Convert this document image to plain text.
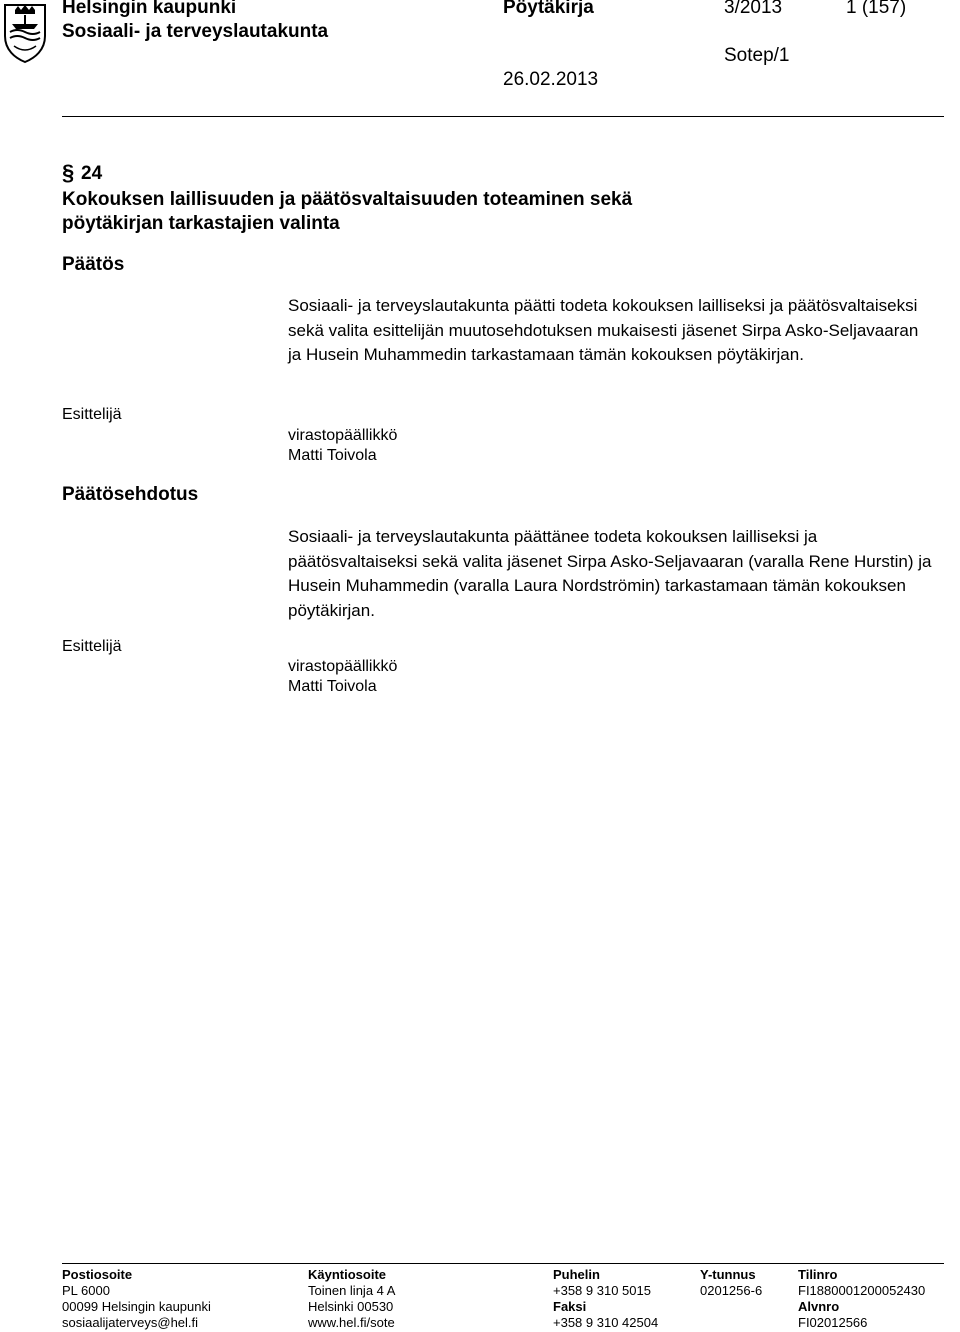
Helsingin kaupunki
Sosiaali- ja terveyslautakunta
Pöytäkirja	3/2013	1 (157)
Sotep/1
26.02.2013
§ 24
Kokouksen laillisuuden ja päätösvaltaisuuden toteaminen sekä
pöytäkirjan tarkastajien valinta
Päätös
Sosiaali- ja terveyslautakunta päätti todeta kokouksen lailliseksi ja päätösvaltaiseksi sekä valita esittelijän muutosehdotuksen mukaisesti jäsenet Sirpa Asko-Seljavaaran ja Husein Muhammedin tarkastamaan tämän kokouksen pöytäkirjan.
Esittelijä
virastopäällikkö
Matti Toivola
Päätösehdotus
Sosiaali- ja terveyslautakunta päättänee todeta kokouksen lailliseksi ja päätösvaltaiseksi sekä valita jäsenet Sirpa Asko-Seljavaaran (varalla Rene Hurstin) ja Husein Muhammedin (varalla Laura Nordströmin) tarkastamaan tämän kokouksen pöytäkirjan.
Esittelijä
virastopäällikkö
Matti Toivola
Postiosoite
PL 6000
00099 Helsingin kaupunki
sosiaalijaterveys@hel.fi
Käyntiosoite
Toinen linja 4 A
Helsinki 00530
www.hel.fi/sote
Puhelin
+358 9 310 5015
Faksi
+358 9 310 42504
Y-tunnus
0201256-6
Tilinro
FI1880001200052430
Alvnro
FI02012566
